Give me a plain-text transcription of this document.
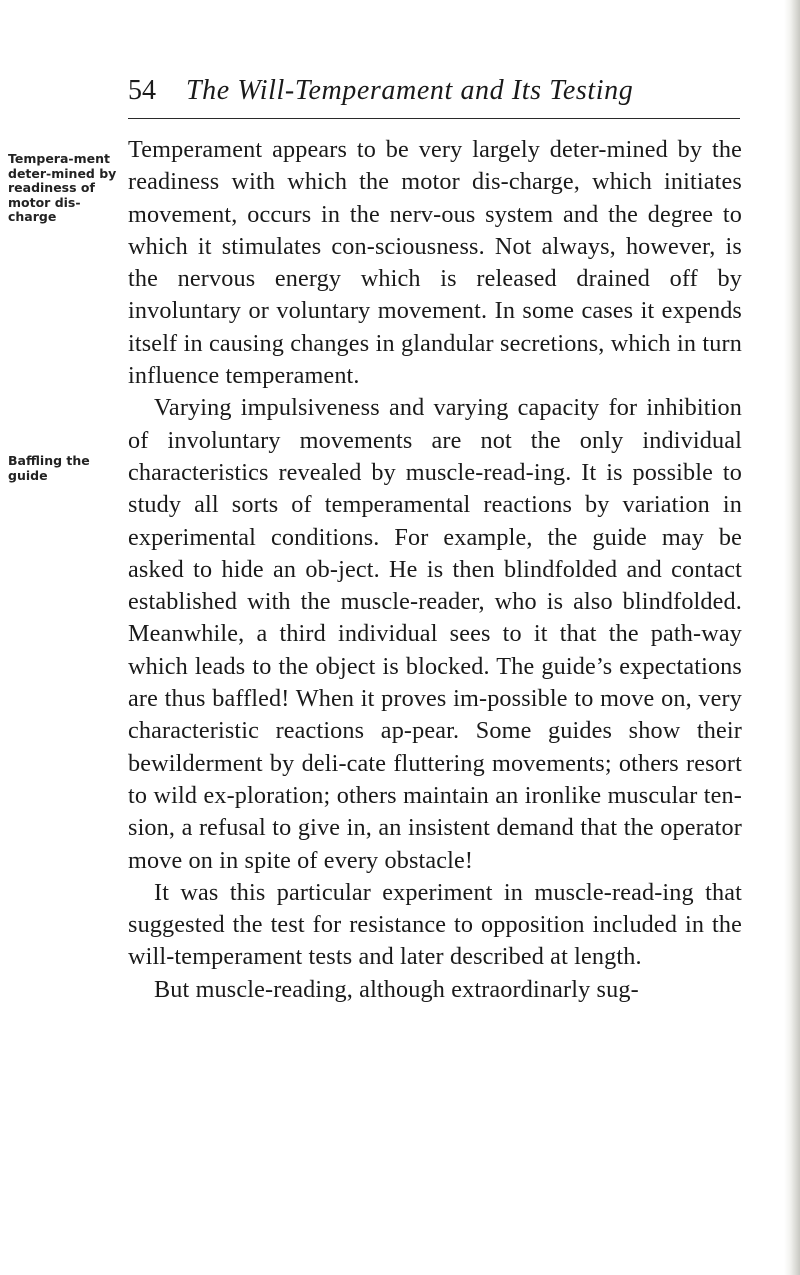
54 The Will-Temperament and Its Testing
Tempera-ment deter-mined by readiness of motor dis-charge
Baffling the guide

Temperament appears to be very largely deter-mined by the readiness with which the motor dis-charge, which initiates movement, occurs in the nerv-ous system and the degree to which it stimulates con-sciousness. Not always, however, is the nervous energy which is released drained off by involuntary or voluntary movement. In some cases it expends itself in causing changes in glandular secretions, which in turn influence temperament.

Varying impulsiveness and varying capacity for inhibition of involuntary movements are not the only individual characteristics revealed by muscle-read-ing. It is possible to study all sorts of temperamental reactions by variation in experimental conditions. For example, the guide may be asked to hide an ob-ject. He is then blindfolded and contact established with the muscle-reader, who is also blindfolded. Meanwhile, a third individual sees to it that the path-way which leads to the object is blocked. The guide’s expectations are thus baffled! When it proves im-possible to move on, very characteristic reactions ap-pear. Some guides show their bewilderment by deli-cate fluttering movements; others resort to wild ex-ploration; others maintain an ironlike muscular ten-sion, a refusal to give in, an insistent demand that the operator move on in spite of every obstacle!

It was this particular experiment in muscle-read-ing that suggested the test for resistance to opposition included in the will-temperament tests and later described at length.

But muscle-reading, although extraordinarly sug-
